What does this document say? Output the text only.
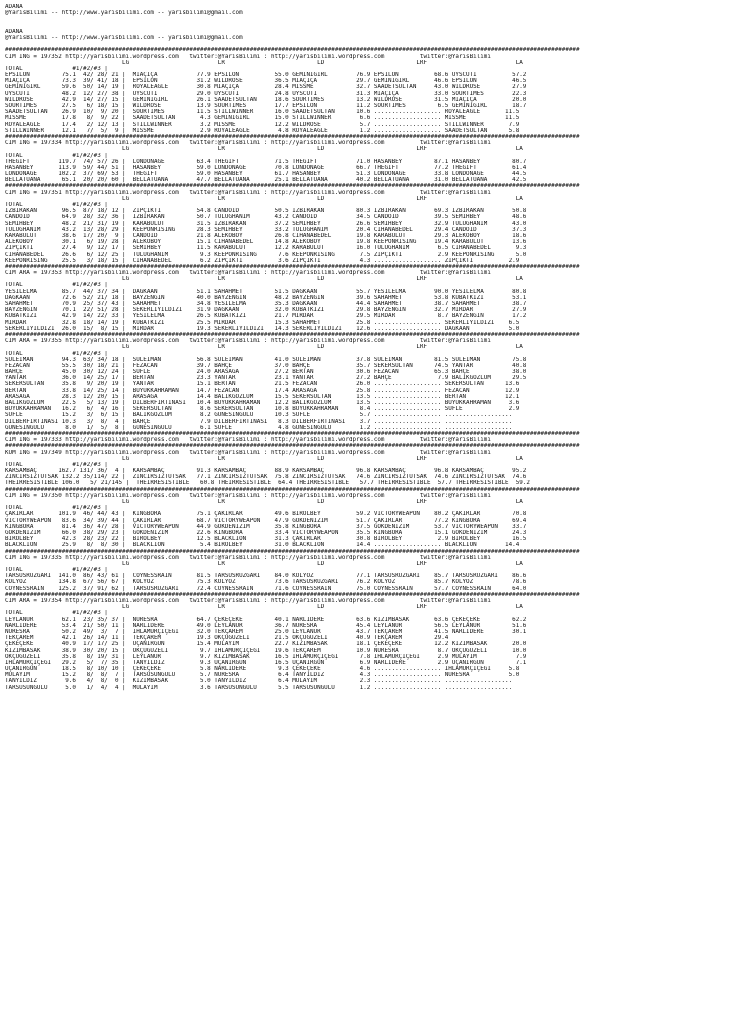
ADANA
@YarisBilimi -- http://www.yarisbilimi.com -- yarisbilimi@gmail.com
ADANA
@YarisBilimi -- http://www.yarisbilimi.com -- yarisbilimi@gmail.com
##################################################################################################################################################################
CIM ING = 197352 http://yarisbilimi.wordpress.com   twitter:@YarisBilimi : http://yarisbilimi.wordpress.com          twitter:@YarisBilimi
LG                         LR                          LD                          LRF                         LA
TOTAL              #1/#2/#3 |
EPSILON         75.1  42/ 28/ 21 |  MIAÇIÇA           77.9 EPSILON          55.0 GEMINIGIRL        76.9 EPSILON          68.6 UYSCUTI          57.2
MIAÇIÇA         73.3  39/ 41/ 18 |  EPSILON           31.2 WILDROSE         36.5 MIAÇIÇA           29.7 GEMINIGIRL       46.6 EPSILON          46.5
GEMINIGIRL      59.6  50/ 14/ 19 |  ROYALEAGLE        30.8 MIAÇIÇA          28.4 MISSME            32.7 SAADETSULTAN     43.0 WILDROSE         27.9
UYSCUTI         48.2  12/ 27/ 38 |  UYSCUTI           29.0 UYSCUTI          24.8 UYSCUTI           31.3 MIAÇIÇA          33.0 SOURTIMES        22.3
WILDROSE        42.9  14/ 27/ 15 |  GEMINIGIRL        26.1 SAADETSULTAN     18.6 SOURTIMES         13.2 WILDROSE         31.5 MIAÇIÇA          20.0
SOURTIMES       27.5   6/ 18/ 15 |  WILDROSE          13.9 SOURTIMES        17.7 EPSILON           11.2 SOURTIMES         6.5 GEMINIGIRL       18.7
SAADETSULTAN    26.9  10/  9/ 20 |  SOURTIMES         11.5 STILLWINNER      16.0 SAADETSULTAN      10.6 ................... ROYALEAGLE       11.5
MISSME          17.8   8/  9/ 22 |  SAADETSULTAN       4.3 GEMINIGIRL       15.0 STILLWINNER        6.6 ................... MISSME           11.5
ROYALEAGLE      17.4   2/ 12/ 13 |  STILLWINNER        3.2 MISSME           12.2 WILDROSE           5.7 ................... STILLWINNER       7.9
STILLWINNER     12.1   7/  5/  9 |  MISSME             2.9 ROYALEAGLE        4.8 ROYALEAGLE         1.2 ................... SAADETSULTAN      5.8
##################################################################################################################################################################
CIM ING = 197334 http://yarisbilimi.wordpress.com   twitter:@YarisBilimi : http://yarisbilimi.wordpress.com          twitter:@YarisBilimi
LG                         LR                          LD                          LRF                         LA
TOTAL              #1/#2/#3 |
THEGIFT        119.7  74/ 57/ 26 |  LONDONAGE         63.4 THEGIFT          71.5 THEGIFT           71.0 HASANBEY         87.1 HASANBEY         80.7
HASANBEY       113.9  59/ 44/ 51 |  HASANBEY          59.0 LONDONAGE        70.8 LONDONAGE         66.7 THEGIFT          77.2 THEGIFT          61.4
LONDONAGE      102.2  37/ 69/ 53 |  THEGIFT           59.0 HASANBEY         61.7 HASANBEY          51.3 LONDONAGE        33.8 LONDONAGE        44.5
BELLATUANA      65.1  20/ 20/ 60 |  BELLATUANA        47.7 BELLATUANA       25.1 BELLATUANA        40.2 BELLATUANA       31.0 BELLATUANA       42.5
##################################################################################################################################################################
CIM ING = 197351 http://yarisbilimi.wordpress.com   twitter:@YarisBilimi : http://yarisbilimi.wordpress.com          twitter:@YarisBilimi
LG                         LR                          LD                          LRF                         LA
TOTAL              #1/#2/#3 |
IZBIRAKAN       96.5  87/ 18/ 12 |  ZIPÇIKTI          54.8 CANDOID          50.5 IZBIRAKAN         80.3 IZBIRAKAN        69.3 IZBIRAKAN        50.8
CANDOID         64.9  28/ 32/ 36 |  IZBIRAKAN         50.7 TULUGHANIM       43.2 CANDOID           34.5 CANDOID          39.5 SEMIHBEY         48.6
SEMIHBEY        48.2  21/ 31/ 19 |  KARABULUT         31.5 IZBIRAKAN        37.2 SEMIHBEY          26.6 SEMIHBEY         32.9 TULUGHANIM       43.0
TULUGHANIM      43.2  13/ 28/ 29 |  KEEPONRISING      28.3 SEMIHBEY         33.2 TULUGHANIM        20.4 CIHANABEDEL      29.4 CANDOID          37.3
KARABULUT       38.6  17/ 20/  9 |  CANDOID           21.8 ALEKOBOY         26.8 CIHANABEDEL       19.8 KARABULUT        29.3 ALEKOBOY         18.6
ALEKOBOY        30.1   6/ 19/ 28 |  ALEKOBOY          15.1 CIHANABEDEL      14.8 ALEKOBOY          19.8 KEEPONRISING     19.4 KARABULUT        13.6
ZIPÇIKTI        27.4   9/ 12/ 17 |  SEMIHBEY          11.5 KARABULUT        12.2 KARABULUT         16.0 TULUGHANIM        6.5 CIHANABEDEL       9.3
CIHANABEDEL     26.6   6/ 12/ 25 |  TULUGHANIM         9.3 KEEPONRISING      7.6 KEEPONRISING       7.5 ZIPÇIKTI          2.9 KEEPONRISING      5.0
KEEPONRISING    25.5   3/ 18/ 15 |  CIHANABEDEL        6.2 ZIPÇIKTI          3.6 ZIPÇIKTI           4.3 ................... ZIPÇIKTI          2.9
##################################################################################################################################################################
CIM ARA = 197353 http://yarisbilimi.wordpress.com   twitter:@YarisBilimi : http://yarisbilimi.wordpress.com          twitter:@YarisBilimi
LG                         LR                          LD                          LRF                         LA
TOTAL              #1/#2/#3 |
YESILELMA       85.7  44/ 37/ 34 |  DAGKAAN           51.1 SAHAHMET         51.5 DAGKAAN           55.7 YESILELMA        90.0 YESILELMA        80.8
DAGKAAN         72.6  52/ 21/ 18 |  BAYZENGIN         40.0 BAYZENGIN        48.2 BAYZENGIN         39.6 SAHAHMET         53.8 KUBATKIZI        53.1
SAHAHMET        70.9  25/ 37/ 43 |  SAHAHMET          34.8 YESILELMA        35.3 DAGKAAN           44.4 SAHAHMET         38.7 SAHAHMET         38.7
BAYZENGIN       70.1  22/ 51/ 28 |  SEKERLIYILDIZI    31.9 DAGKAAN          32.0 KUBATKIZI         29.8 BAYZENGIN        32.7 MIRDAR           27.9
KUBATKIZI       42.9  14/ 22/ 33 |  YESILELMA         26.5 KUBATKIZI        21.7 MIRDAR            29.5 MIRDAR            8.7 BAYZENGIN        17.2
MIRDAR          32.8  18/ 14/ 19 |  KUBATKIZI         25.5 MIRDAR           15.3 SAHAHMET          25.8 ................... SEKERLIYILDIZI    6.5
SEKERLIYILDIZI  26.0  15/  8/ 15 |  MIRDAR            19.3 SEKERLIYILDIZI   14.3 SEKERLIYILDIZI    12.6 ................... DAGKAAN           5.0
##################################################################################################################################################################
CIM ARA = 197355 http://yarisbilimi.wordpress.com   twitter:@YarisBilimi : http://yarisbilimi.wordpress.com          twitter:@YarisBilimi
LG                         LR                          LD                          LRF                         LA
TOTAL              #1/#2/#3 |
SULEIMAN        94.3  63/ 34/ 18 |  SULEIMAN          56.8 SULEIMAN         41.0 SULEIMAN          37.8 SULEIMAN         81.5 SULEIMAN         75.8
FEZACAN         55.5  30/ 18/ 21 |  FEZACAN           39.7 BAHÇE            37.0 BAHÇE             35.7 SEKERSULTAN      74.5 YANTAR           40.8
BAHÇE           45.0  30/ 12/ 24 |  SUFLE             24.0 ARASAGA          27.2 BERTAN            30.6 FEZACAN          65.3 BAHÇE            38.0
YANTAR          36.0  14/ 25/ 17 |  BERTAN            23.3 YANTAR           23.1 YANTAR            27.2 BAHÇE             7.9 BALIKGÖZLÜM      29.5
SEKERSULTAN     35.8   9/ 20/ 19 |  YANTAR            15.1 BERTAN           21.5 FEZACAN           26.0 ................... SEKERSULTAN      13.6
BERTAN          33.8  14/ 25/ 14 |  BÜYÜKKAHRAMAN     14.7 FEZACAN          17.4 ARASAGA           25.8 ................... FEZACAN          12.9
ARASAGA         28.3  12/ 20/ 15 |  ARASAGA           14.4 BALIKGÖZLÜM      15.5 SEKERSULTAN       13.5 ................... BERTAN           12.1
BALIKGÖZLÜM     22.5   5/ 13/ 19 |  DILBERFIRTINASI   10.4 BÜYÜKKAHRAMAN    12.2 BALIKGÖZLÜM       13.5 ................... BÜYÜKKAHRAMAN     3.6
BÜYÜKKAHRAMAN   16.2   6/  4/ 16 |  SEKERSULTAN        8.6 SEKERSULTAN      10.8 BÜYÜKKAHRAMAN      8.4 ................... SUFLE             2.9
SUFLE           15.2   3/  6/ 15 |  BALIKGÖZLÜM        8.2 GÜNESINGÜLÜ      10.3 SUFLE              5.7 ................... ...................
DILBERFIRTINASI 10.3   3/  8/  4 |  BAHÇE              7.9 DILBERFIRTINASI   8.3 DILBERFIRTINASI    3.7 ................... ...................
GÜNESINGÜLÜ      8.0   1/  5/  8 |  GÜNESINGÜLÜ        6.1 SUFLE             4.8 GÜNESINGÜLÜ        1.2 ................... ...................
##################################################################################################################################################################
CIM ING = 197333 http://yarisbilimi.wordpress.com   twitter:@YarisBilimi : http://yarisbilimi.wordpress.com          twitter:@YarisBilimi
##################################################################################################################################################################
KUM ING = 197349 http://yarisbilimi.wordpress.com   twitter:@YarisBilimi : http://yarisbilimi.wordpress.com          twitter:@YarisBilimi
LG                         LR                          LD                          LRF                         LA
TOTAL              #1/#2/#3 |
KARSAMBAÇ      162.7 131/ 36/  4 |  KARSAMBAÇ         91.3 KARSAMBAÇ        88.9 KARSAMBAÇ         96.8 KARSAMBAÇ        96.8 KARSAMBAÇ        95.2
ZINCIRSIZTUTSAK 132.2 35/114/ 22 |  ZINCIRSIZTUTSAK   77.1 ZINCIRSIZTUTSAK  75.8 ZINCIRSIZTUTSAK   74.6 ZINCIRSIZTUTSAK  74.6 ZINCIRSIZTUTSAK  74.6
THEIRRESISTIBLE 106.0   5/ 21/145 |  THEIRRESISTIBLE   60.8 THEIRRESISTIBLE  64.4 THEIRRESISTIBLE   57.7 THEIRRESISTIBLE  57.7 THEIRRESISTIBLE  59.2
##################################################################################################################################################################
CIM ING = 197350 http://yarisbilimi.wordpress.com   twitter:@YarisBilimi : http://yarisbilimi.wordpress.com          twitter:@YarisBilimi
LG                         LR                          LD                          LRF                         LA
TOTAL              #1/#2/#3 |
ÇAKIRLAR       101.9  46/ 44/ 43 |  KINGBORA          75.1 ÇAKIRLAR         49.6 BIROLBEY          59.2 VICTORYWEAPON    80.2 ÇAKIRLAR         70.8
VICTORYWEAPON   83.6  34/ 39/ 44 |  ÇAKIRLAR          68.7 VICTORYWEAPON    47.9 GÖKDENIZIM        51.7 ÇAKIRLAR         77.2 KINGBORA         69.4
KINGBORA        81.4  36/ 47/ 28 |  VICTORYWEAPON     44.9 GÖKDENIZIM       35.8 KINGBORA          37.5 GÖKDENIZIM       53.7 VICTORYWEAPON    33.7
GÖKDENIZIM      66.0  38/ 29/ 23 |  GÖKDENIZIM        22.6 KINGBORA         33.4 VICTORYWEAPON     35.5 KINGBORA         15.1 GÖKDENIZIM       24.3
BIROLBEY        42.3  28/ 23/ 22 |  BIROLBEY          12.5 BLACKLION        31.3 ÇAKIRLAR          30.8 BIROLBEY          2.9 BIROLBEY         16.5
BLACKLION       25.9   8/  8/ 30 |  BLACKLION          5.4 BIROLBEY         31.0 BLACKLION         14.4 ................... BLACKLION        14.4
##################################################################################################################################################################
CIM ING = 197335 http://yarisbilimi.wordpress.com   twitter:@YarisBilimi : http://yarisbilimi.wordpress.com          twitter:@YarisBilimi
LG                         LR                          LD                          LRF                         LA
TOTAL              #1/#2/#3 |
TARSUSRÜZGARI  141.0  86/ 43/ 61 |  COYNESSRAIN       81.5 TARSUSRÜZGARI    84.0 KOLYOZ            77.1 TARSUSRÜZGARI    85.7 TARSUSRÜZGARI    86.6
KOLYOZ         134.8  67/ 56/ 67 |  KOLYOZ            75.3 KOLYOZ           73.6 TARSUSRÜZGARI     76.2 KOLYOZ           85.7 KOLYOZ           78.6
COYNESSRAIN    125.2  37/ 91/ 62 |  TARSUSRÜZGARI     72.4 COYNESSRAIN      71.6 COYNESSRAIN       75.0 COYNESSRAIN      57.7 COYNESSRAIN      64.0
##################################################################################################################################################################
CIM ARA = 197354 http://yarisbilimi.wordpress.com   twitter:@YarisBilimi : http://yarisbilimi.wordpress.com          twitter:@YarisBilimi
LG                         LR                          LD                          LRF                         LA
TOTAL              #1/#2/#3 |
LEYLANUR        62.1  23/ 35/ 37 |  NURESRA           64.7 ÇEKEÇEKE         40.1 NARLIDERE         63.6 KIZIMBASAK       63.6 ÇEKEÇEKE         62.2
NARLIDERE       53.4  21/ 50/ 11 |  NARLIDERE         49.0 LEYLANUR         36.7 NURESRA           45.4 LEYLANUR         56.5 LEYLANUR         51.6
NURESRA         50.2  49/  3/  7 |  IHLAMURÇIÇEGI     32.0 TEKÇAREM         25.0 LEYLANUR          43.7 TEKÇAREM         41.5 NARLIDERE        30.1
TEKÇAREM        42.1  26/ 14/ 11 |  TEKÇAREM          19.3 OKÇUGÜZELI       21.5 OKÇUGÜZELI        40.9 TEKÇAREM         29.4
ÇEKEÇEKE        40.9  17/ 17/ 25 |  UÇANIRGÜN         15.4 MÜLAYIM          22.7 KIZIMBASAK        18.1 ÇEKEÇEKE         12.2 KIZIMBASAK       20.0
KIZIMBASAK      38.9  30/ 20/ 15 |  OKÇUGÜZELI         9.7 IHLAMURÇIÇEGI    19.6 TEKÇAREM          10.9 NURESRA           8.7 OKÇUGÜZELI       10.0
OKÇUGÜZELI      35.8   8/ 19/ 31 |  LEYLANUR           9.7 KIZIMBASAK       16.5 IHLAMURÇIÇEGI      7.8 IHLAMURÇIÇEGI     2.9 MÜLAYIM           7.9
IHLAMURÇIÇEGI   29.2   5/  7/ 35 |  TANYILDIZ          9.3 UÇANIRGÜN        16.5 UÇANIRGÜN          6.9 NARLIDERE         2.9 UÇANIRGÜN         7.1
UÇANIRGÜN       18.5   8/ 10/ 10 |  ÇEKEÇEKE           5.8 NARLIDERE         9.3 ÇEKEÇEKE           4.6 ................... IHLAMURÇIÇEGI     5.8
MÜLAYIM         15.2   8/  8/  7 |  TARSUSUNGÜLÜ       5.7 NURESRA           6.4 TANYILDIZ          4.3 ................... NURESRA           5.0
TANYILDIZ        9.6   4/  8/  0 |  KIZIMBASAK         5.0 TANYILDIZ         6.4 MÜLAYIM            2.3 ................... ...................
TARSUSUNGÜLÜ     5.0   1/  4/  4 |  MÜLAYIM            3.6 TARSUSUNGÜLÜ      5.5 TARSUSUNGÜLÜ       1.2 ................... ...................
